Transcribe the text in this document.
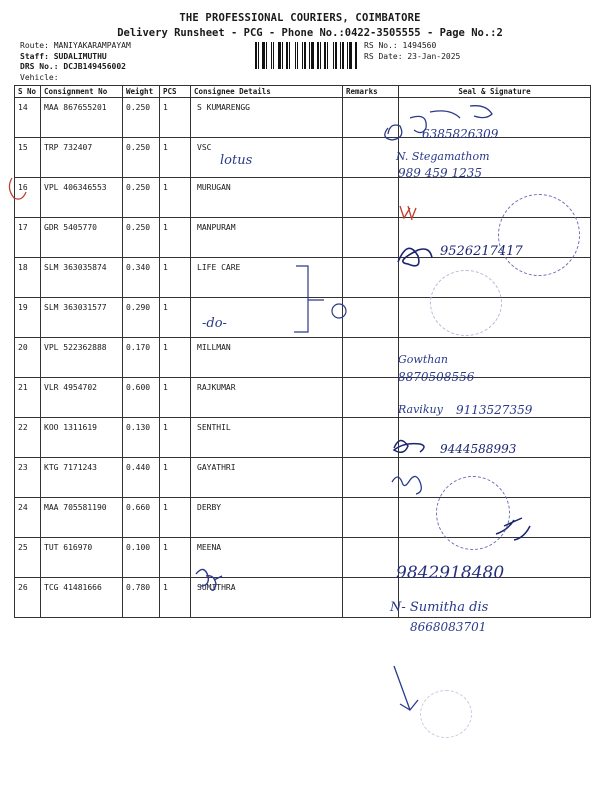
THE PROFESSIONAL COURIERS, COIMBATORE
Delivery Runsheet - PCG - Phone No.:0422-3505555 - Page No.:2
Route: MANIYAKARAMPAYAM
Staff: SUDALIMUTHU
DRS No.: DCJB149456002
Vehicle:
RS No.: 1494560
RS Date: 23-Jan-2025
S No	Consignment No	Weight	PCS	Consignee Details	Remarks	Seal & Signature
14	MAA 867655201	0.250	1	S KUMARENGG		
15	TRP 732407	0.250	1	VSC		
16	VPL 406346553	0.250	1	MURUGAN		
17	GDR 5405770	0.250	1	MANPURAM		
18	SLM 363035874	0.340	1	LIFE CARE		
19	SLM 363031577	0.290	1			
20	VPL 522362888	0.170	1	MILLMAN		
21	VLR 4954702	0.600	1	RAJKUMAR		
22	KOO 1311619	0.130	1	SENTHIL		
23	KTG 7171243	0.440	1	GAYATHRI		
24	MAA 705581190	0.660	1	DERBY		
25	TUT 616970	0.100	1	MEENA		
26	TCG 41481666	0.780	1	SUMITHRA		
6385826309
N. Stegamathom
989 459 1235
lotus
9526217417
-do-
Gowthan
8870508556
Ravikuy 9113527359
9444588993
9842918480
N- Sumitha dis
8668083701
